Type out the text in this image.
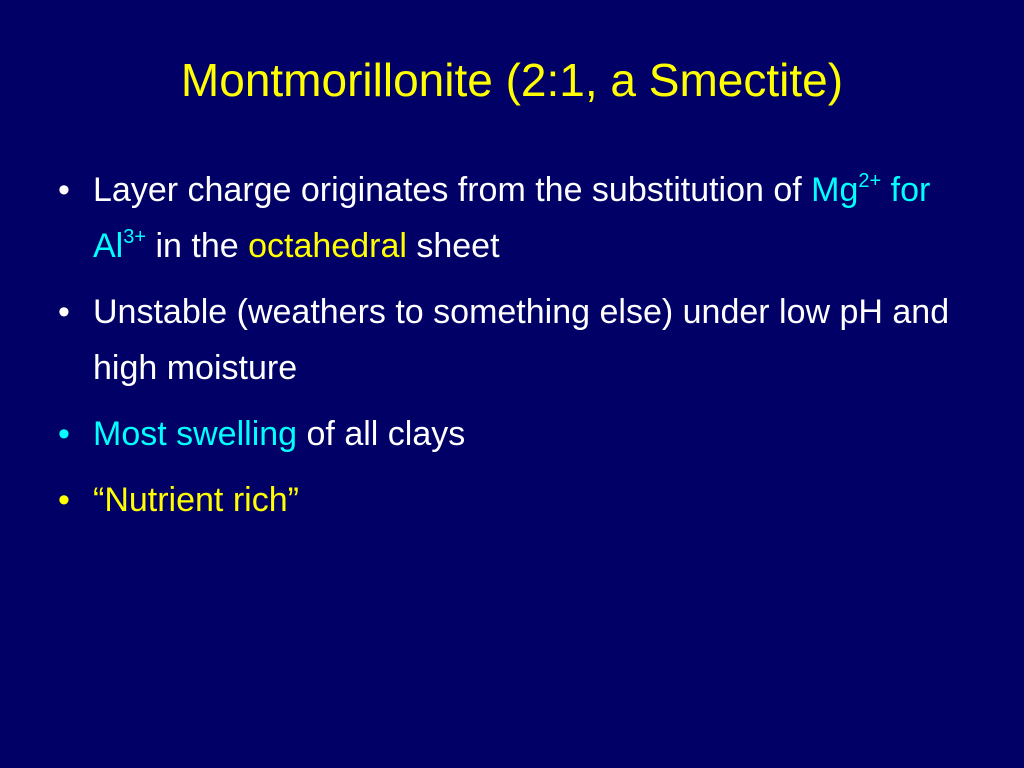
Montmorillonite (2:1, a Smectite)
• Layer charge originates from the substitution of $Mg^{2+}$ for $Al^{3+}$ in the octahedral sheet
• Unstable (weathers to something else) under low pH and high moisture
• Most swelling of all clays
• “Nutrient rich”
